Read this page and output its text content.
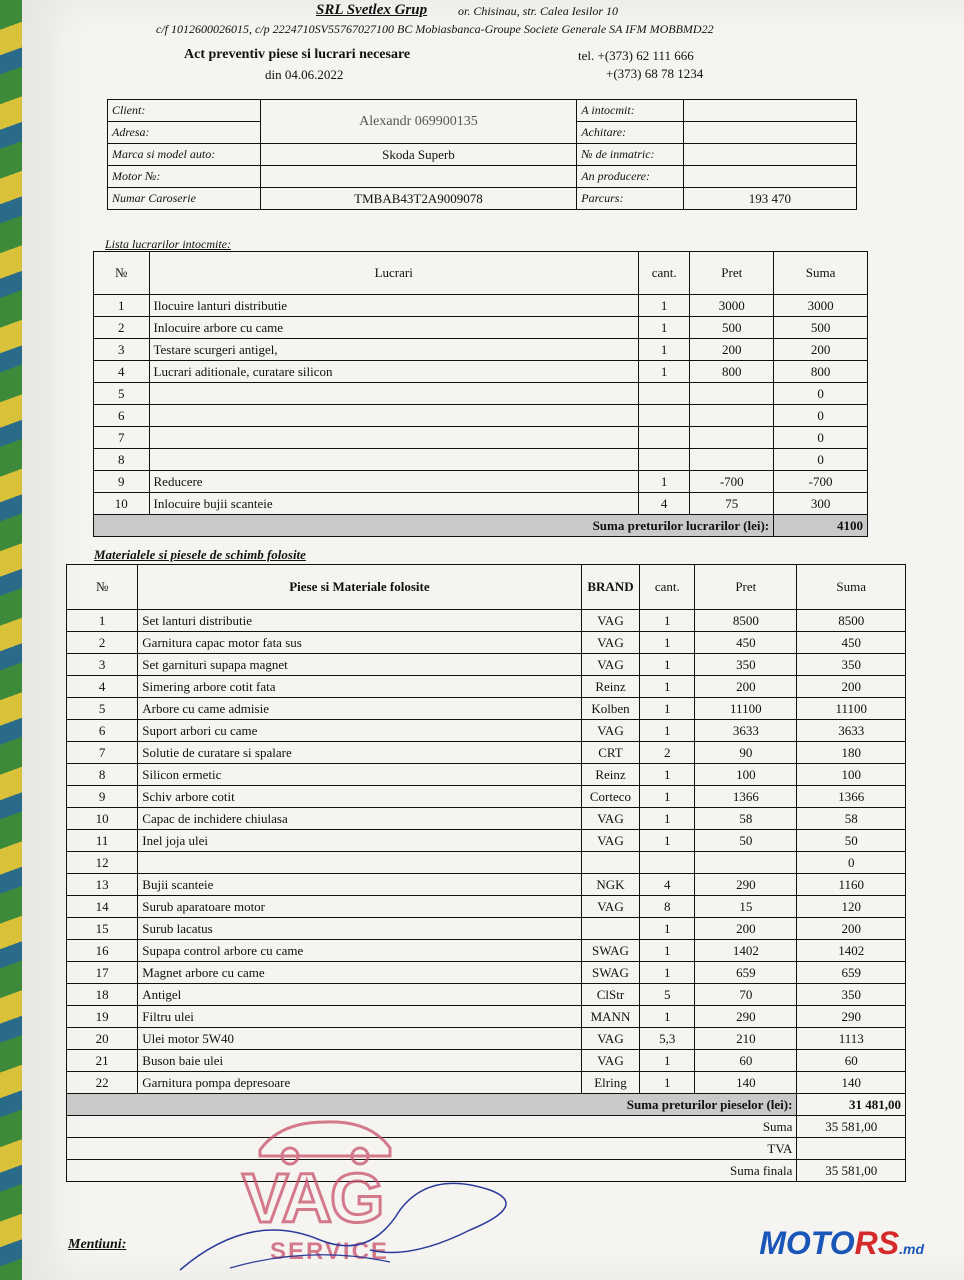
SRL Svetlex Grup	or. Chisinau, str. Calea Iesilor 10
c/f 1012600026015, c/p 2224710SV55767027100 BC Mobiasbanca-Groupe Societe Generale SA IFM MOBBMD22
Act preventiv piese si lucrari necesare
din 04.06.2022
tel. +(373) 62 111 666
+(373) 68 78 1234
Client:	Alexandr 069900135	A intocmit:	
Adresa:		Achitare:	
Marca si model auto:	Skoda Superb	№ de inmatric:	
Motor №:		An producere:	
Numar Caroserie	TMBAB43T2A9009078	Parcurs:	193 470
Lista lucrarilor intocmite:
№	Lucrari	cant.	Pret	Suma
1	Ilocuire lanturi distributie	1	3000	3000
2	Inlocuire arbore cu came	1	500	500
3	Testare scurgeri antigel,	1	200	200
4	Lucrari aditionale, curatare silicon	1	800	800
5				0
6				0
7				0
8				0
9	Reducere	1	-700	-700
10	Inlocuire bujii scanteie	4	75	300
Suma preturilor lucrarilor (lei):				4100
Materialele si piesele de schimb folosite
№	Piese si Materiale folosite	BRAND	cant.	Pret	Suma
1	Set lanturi distributie	VAG	1	8500	8500
2	Garnitura capac motor fata sus	VAG	1	450	450
3	Set garnituri supapa magnet	VAG	1	350	350
4	Simering arbore cotit fata	Reinz	1	200	200
5	Arbore cu came admisie	Kolben	1	11100	11100
6	Suport arbori cu came	VAG	1	3633	3633
7	Solutie de curatare si spalare	CRT	2	90	180
8	Silicon ermetic	Reinz	1	100	100
9	Schiv arbore cotit	Corteco	1	1366	1366
10	Capac de inchidere chiulasa	VAG	1	58	58
11	Inel joja ulei	VAG	1	50	50
12					0
13	Bujii scanteie	NGK	4	290	1160
14	Surub aparatoare motor	VAG	8	15	120
15	Surub lacatus		1	200	200
16	Supapa control arbore cu came	SWAG	1	1402	1402
17	Magnet arbore cu came	SWAG	1	659	659
18	Antigel	ClStr	5	70	350
19	Filtru ulei	MANN	1	290	290
20	Ulei motor 5W40	VAG	5,3	210	1113
21	Buson baie ulei	VAG	1	60	60
22	Garnitura pompa depresoare	Elring	1	140	140
Suma preturilor pieselor (lei):					31 481,00
Suma					35 581,00
TVA					
Suma finala					35 581,00
Mentiuni:
VAG
SERVICE	MOTORS.md
